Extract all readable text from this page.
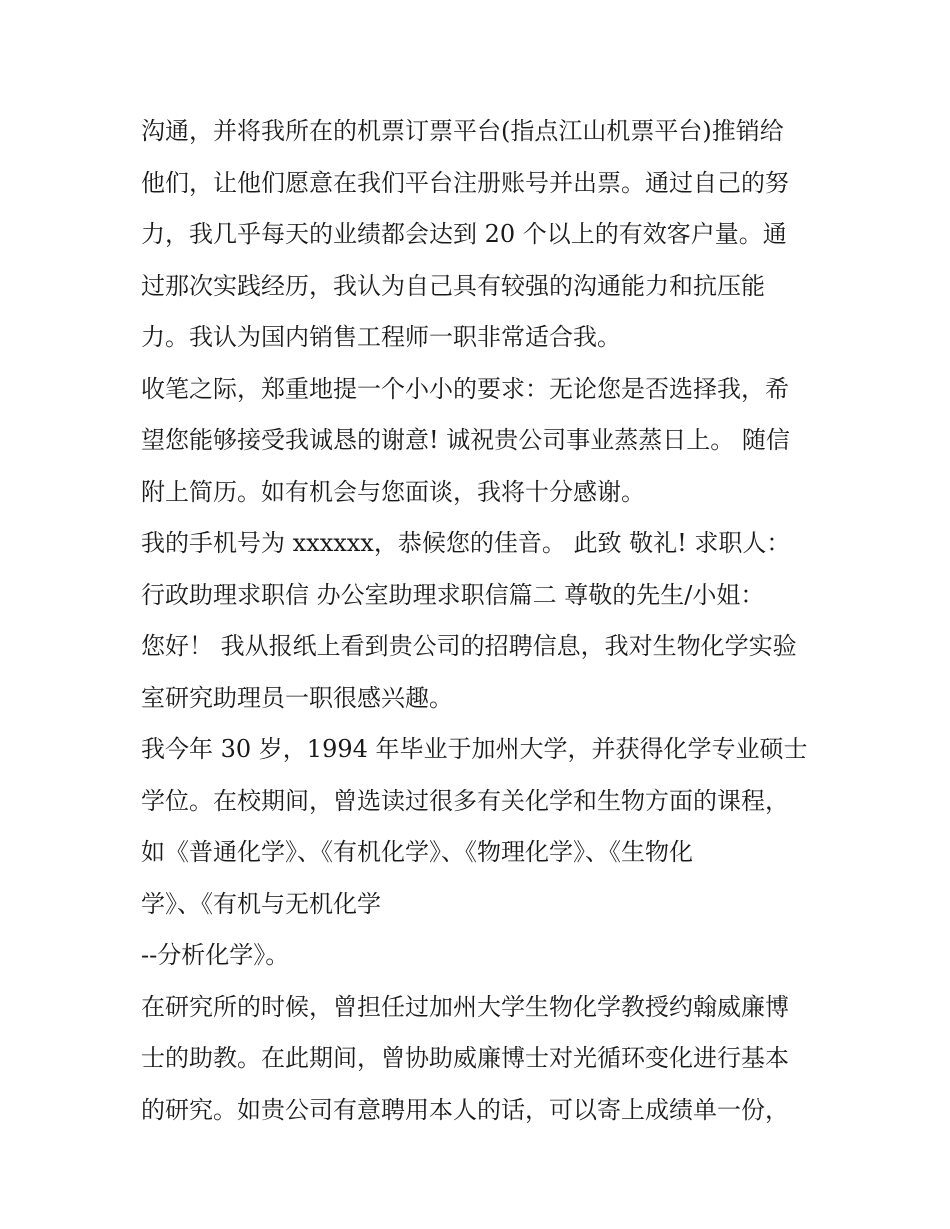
沟通，并将我所在的机票订票平台(指点江山机票平台)推销给
他们，让他们愿意在我们平台注册账号并出票。通过自己的努
力，我几乎每天的业绩都会达到 20 个以上的有效客户量。通
过那次实践经历，我认为自己具有较强的沟通能力和抗压能
力。我认为国内销售工程师一职非常适合我。
收笔之际，郑重地提一个小小的要求：无论您是否选择我，希
望您能够接受我诚恳的谢意! 诚祝贵公司事业蒸蒸日上。 随信
附上简历。如有机会与您面谈，我将十分感谢。
我的手机号为 xxxxxx，恭候您的佳音。 此致 敬礼! 求职人：
行政助理求职信 办公室助理求职信篇二 尊敬的先生/小姐：
您好！ 我从报纸上看到贵公司的招聘信息，我对生物化学实验
室研究助理员一职很感兴趣。
我今年 30 岁，1994 年毕业于加州大学，并获得化学专业硕士
学位。在校期间，曾选读过很多有关化学和生物方面的课程，
如《普通化学》、《有机化学》、《物理化学》、《生物化
学》、《有机与无机化学
--分析化学》。
在研究所的时候，曾担任过加州大学生物化学教授约翰威廉博
士的助教。在此期间，曾协助威廉博士对光循环变化进行基本
的研究。如贵公司有意聘用本人的话，可以寄上成绩单一份，
